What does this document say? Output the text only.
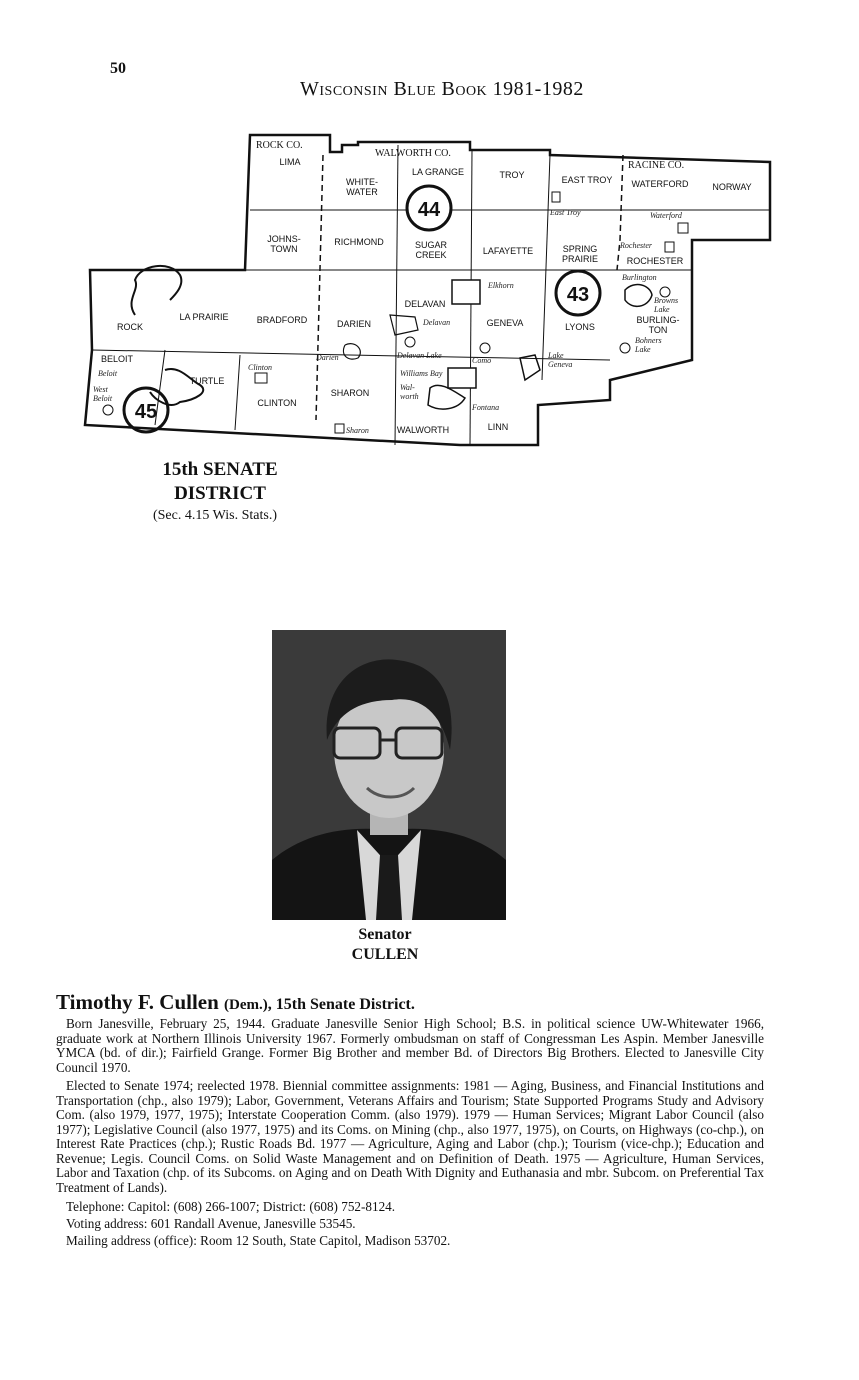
50
Wisconsin Blue Book 1981-1982
ROCK CO.
WALWORTH CO.
RACINE CO.
LIMA
WHITE-WATER
LA GRANGE	TROY	EAST TROY WATERFORD	NORWAY
JOHNS-TOWN
RICHMOND	SUGAR CREEK	LAFAYETTE	SPRING PRAIRIE	ROCHESTER
ROCK
LA PRAIRIE	BRADFORD	DARIEN
DELAVAN
GENEVA	LYONS
BURLING-TON
BELOIT
TURTLE
CLINTON
SHARON
WALWORTH	LINN
East Troy	Waterford
Rochester
Burlington
Browns Lake
Bohners Lake
Elkhorn
Delavan
Delavan Lake
Darien	Como
Lake Geneva
Williams Bay
Wal-worth
Fontana
Sharon
Clinton
Beloit
West Beloit
44
43
45
15th SENATE
DISTRICT
(Sec. 4.15 Wis. Stats.)
Senator
CULLEN
Timothy F. Cullen (Dem.), 15th Senate District.

Born Janesville, February 25, 1944. Graduate Janesville Senior High School; B.S. in political science UW-Whitewater 1966, graduate work at Northern Illinois University 1967. Formerly ombudsman on staff of Congressman Les Aspin. Member Janesville YMCA (bd. of dir.); Fairfield Grange. Former Big Brother and member Bd. of Directors Big Brothers. Elected to Janesville City Council 1970.

Elected to Senate 1974; reelected 1978. Biennial committee assignments: 1981 — Aging, Business, and Financial Institutions and Transportation (chp., also 1979); Labor, Government, Veterans Affairs and Tourism; State Supported Programs Study and Advisory Com. (also 1979, 1977, 1975); Interstate Cooperation Comm. (also 1979). 1979 — Human Services; Migrant Labor Council (also 1977); Legislative Council (also 1977, 1975) and its Coms. on Mining (chp., also 1977, 1975), on Courts, on Highways (co-chp.), on Interest Rate Practices (chp.); Rustic Roads Bd. 1977 — Agriculture, Aging and Labor (chp.); Tourism (vice-chp.); Education and Revenue; Legis. Council Coms. on Solid Waste Management and on Definition of Death. 1975 — Agriculture, Human Services, Labor and Taxation (chp. of its Subcoms. on Aging and on Death With Dignity and Euthanasia and mbr. Subcom. on Preferential Tax Treatment of Lands).

Telephone: Capitol: (608) 266-1007; District: (608) 752-8124.
Voting address: 601 Randall Avenue, Janesville 53545.
Mailing address (office): Room 12 South, State Capitol, Madison 53702.
